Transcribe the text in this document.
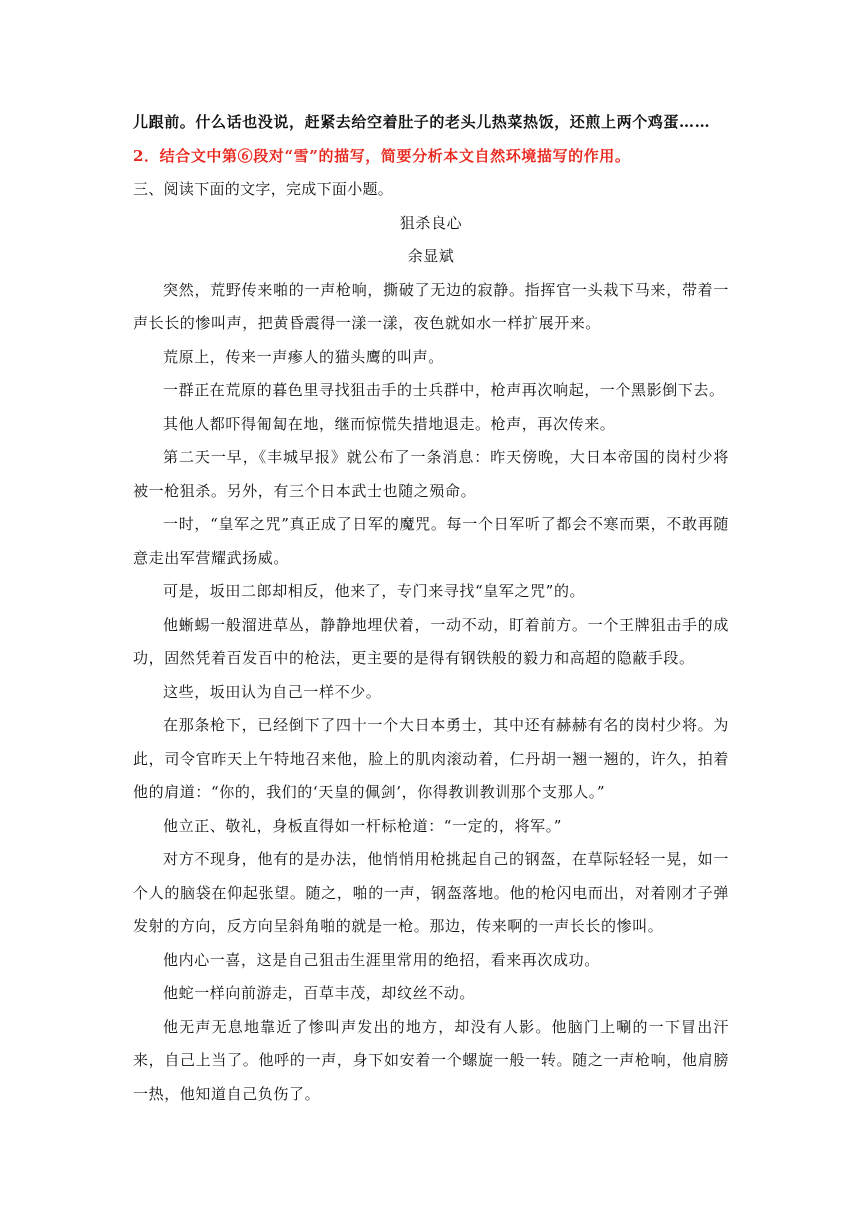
儿跟前。什么话也没说，赶紧去给空着肚子的老头儿热菜热饭，还煎上两个鸡蛋……

2．结合文中第⑥段对“雪”的描写，简要分析本文自然环境描写的作用。

三、阅读下面的文字，完成下面小题。

狙杀良心

余显斌

突然，荒野传来啪的一声枪响，撕破了无边的寂静。指挥官一头栽下马来，带着一声长长的惨叫声，把黄昏震得一漾一漾，夜色就如水一样扩展开来。

荒原上，传来一声瘆人的猫头鹰的叫声。

一群正在荒原的暮色里寻找狙击手的士兵群中，枪声再次响起，一个黑影倒下去。

其他人都吓得匍匐在地，继而惊慌失措地退走。枪声，再次传来。

第二天一早，《丰城早报》就公布了一条消息：昨天傍晚，大日本帝国的岗村少将被一枪狙杀。另外，有三个日本武士也随之殒命。

一时，“皇军之咒”真正成了日军的魔咒。每一个日军听了都会不寒而栗，不敢再随意走出军营耀武扬威。

可是，坂田二郎却相反，他来了，专门来寻找“皇军之咒”的。

他蜥蜴一般溜进草丛，静静地埋伏着，一动不动，盯着前方。一个王牌狙击手的成功，固然凭着百发百中的枪法，更主要的是得有钢铁般的毅力和高超的隐蔽手段。

这些，坂田认为自己一样不少。

在那条枪下，已经倒下了四十一个大日本勇士，其中还有赫赫有名的岗村少将。为此，司令官昨天上午特地召来他，脸上的肌肉滚动着，仁丹胡一翘一翘的，许久，拍着他的肩道：“你的，我们的‘天皇的佩剑’，你得教训教训那个支那人。”

他立正、敬礼，身板直得如一杆标枪道：“一定的，将军。”

对方不现身，他有的是办法，他悄悄用枪挑起自己的钢盔，在草际轻轻一晃，如一个人的脑袋在仰起张望。随之，啪的一声，钢盔落地。他的枪闪电而出，对着刚才子弹发射的方向，反方向呈斜角啪的就是一枪。那边，传来啊的一声长长的惨叫。

他内心一喜，这是自己狙击生涯里常用的绝招，看来再次成功。

他蛇一样向前游走，百草丰茂，却纹丝不动。

他无声无息地靠近了惨叫声发出的地方，却没有人影。他脑门上唰的一下冒出汗来，自己上当了。他呼的一声，身下如安着一个螺旋一般一转。随之一声枪响，他肩膀一热，他知道自己负伤了。
